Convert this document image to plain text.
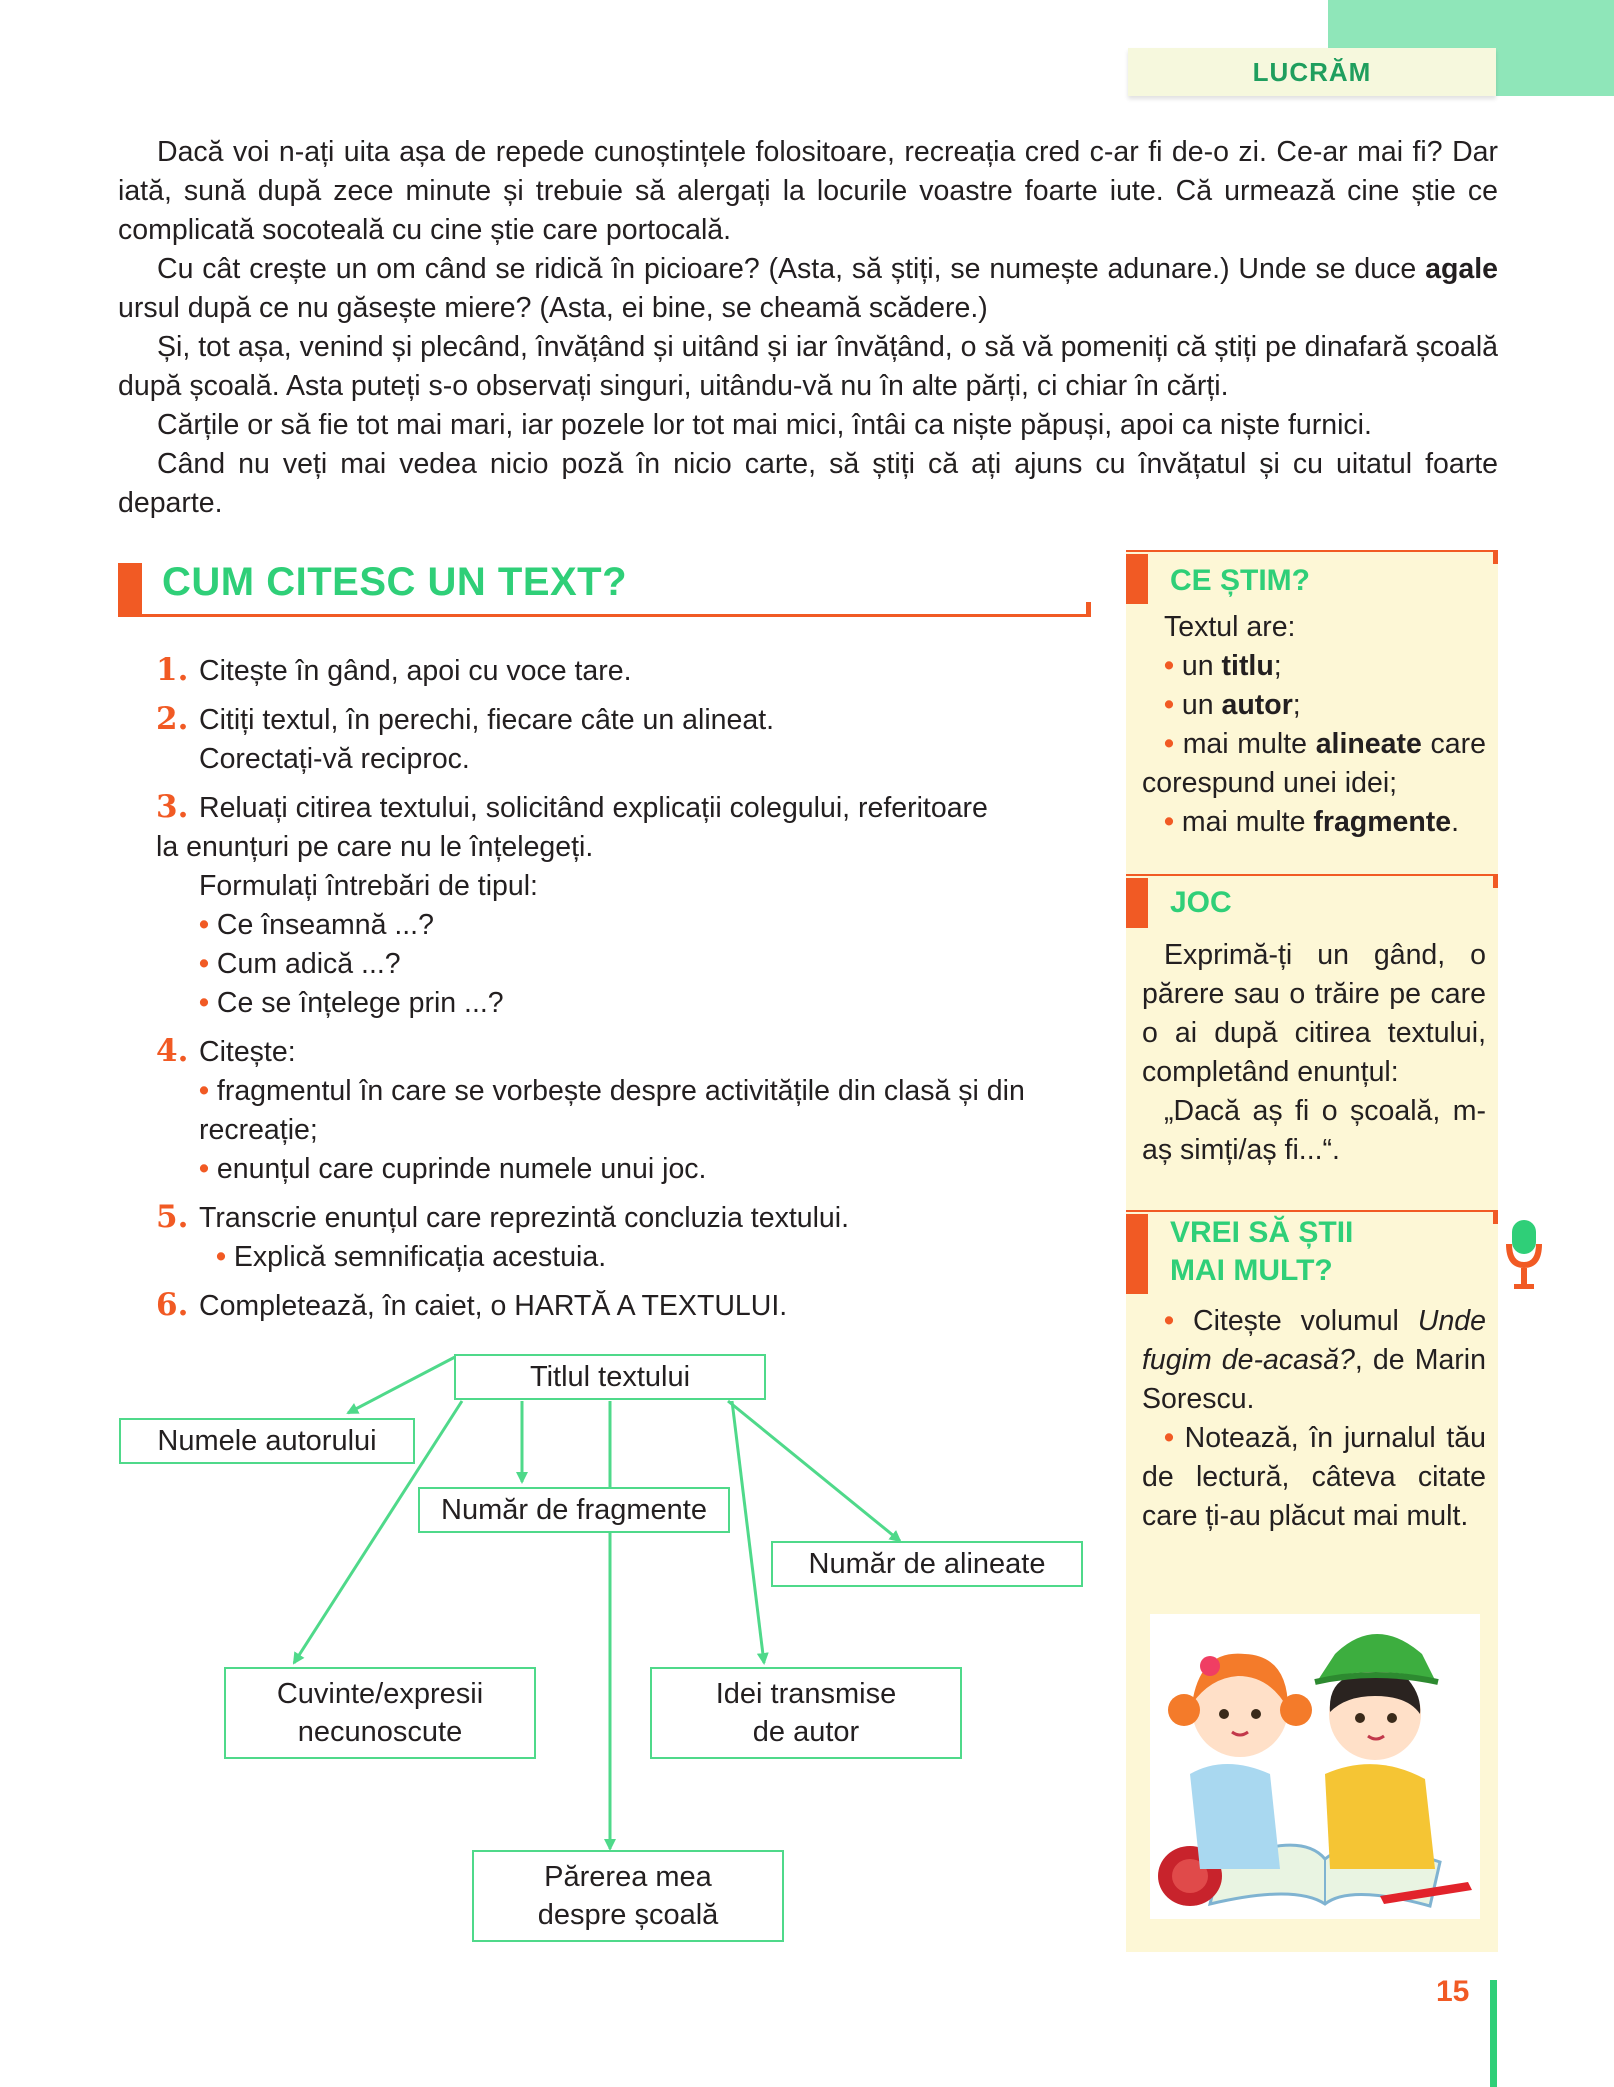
LUCRĂM

Dacă voi n-ați uita așa de repede cunoștințele folositoare, recreația cred c-ar fi de-o zi. Ce-ar mai fi? Dar iată, sună după zece minute și trebuie să alergați la locurile voastre foarte iute. Că urmează cine știe ce complicată socoteală cu cine știe care portocală.

Cu cât crește un om când se ridică în picioare? (Asta, să știți, se numește adunare.) Unde se duce agale ursul după ce nu găsește miere? (Asta, ei bine, se cheamă scădere.)

Și, tot așa, venind și plecând, învățând și uitând și iar învățând, o să vă pomeniți că știți pe dinafară școală după școală. Asta puteți s-o observați singuri, uitându-vă nu în alte părți, ci chiar în cărți.

Cărțile or să fie tot mai mari, iar pozele lor tot mai mici, întâi ca niște păpuși, apoi ca niște furnici.

Când nu veți mai vedea nicio poză în nicio carte, să știți că ați ajuns cu învățatul și cu uitatul foarte departe.

CUM CITESC UN TEXT?
1. Citește în gând, apoi cu voce tare.
2. Citiți textul, în perechi, fiecare câte un alineat.
Corectați-vă reciproc.
3. Reluați citirea textului, solicitând explicații colegului, referitoare
la enunțuri pe care nu le înțelegeți.
Formulați întrebări de tipul:
• Ce înseamnă ...?
• Cum adică ...?
• Ce se înțelege prin ...?
4. Citește:
• fragmentul în care se vorbește despre activitățile din clasă și din recreație;
• enunțul care cuprinde numele unui joc.
5. Transcrie enunțul care reprezintă concluzia textului.
• Explică semnificația acestuia.
6. Completează, în caiet, o HARTĂ A TEXTULUI.
Titlul textului
Numele autorului
Număr de fragmente
Număr de alineate
Cuvinte/expresii
necunoscute
Idei transmise
de autor
Părerea mea
despre școală
CE ȘTIM?

Textul are:

• un titlu;

• un autor;

• mai multe alineate care corespund unei idei;

• mai multe fragmente.

JOC

Exprimă-ți un gând, o părere sau o trăire pe care o ai după citirea textului, completând enunțul:

„Dacă aș fi o școală, m-aș simți/aș fi...“.

VREI SĂ ȘTII
MAI MULT?

• Citește volumul Unde fugim de-acasă?, de Marin Sorescu.

• Notează, în jurnalul tău de lectură, câteva citate care ți-au plăcut mai mult.

15
